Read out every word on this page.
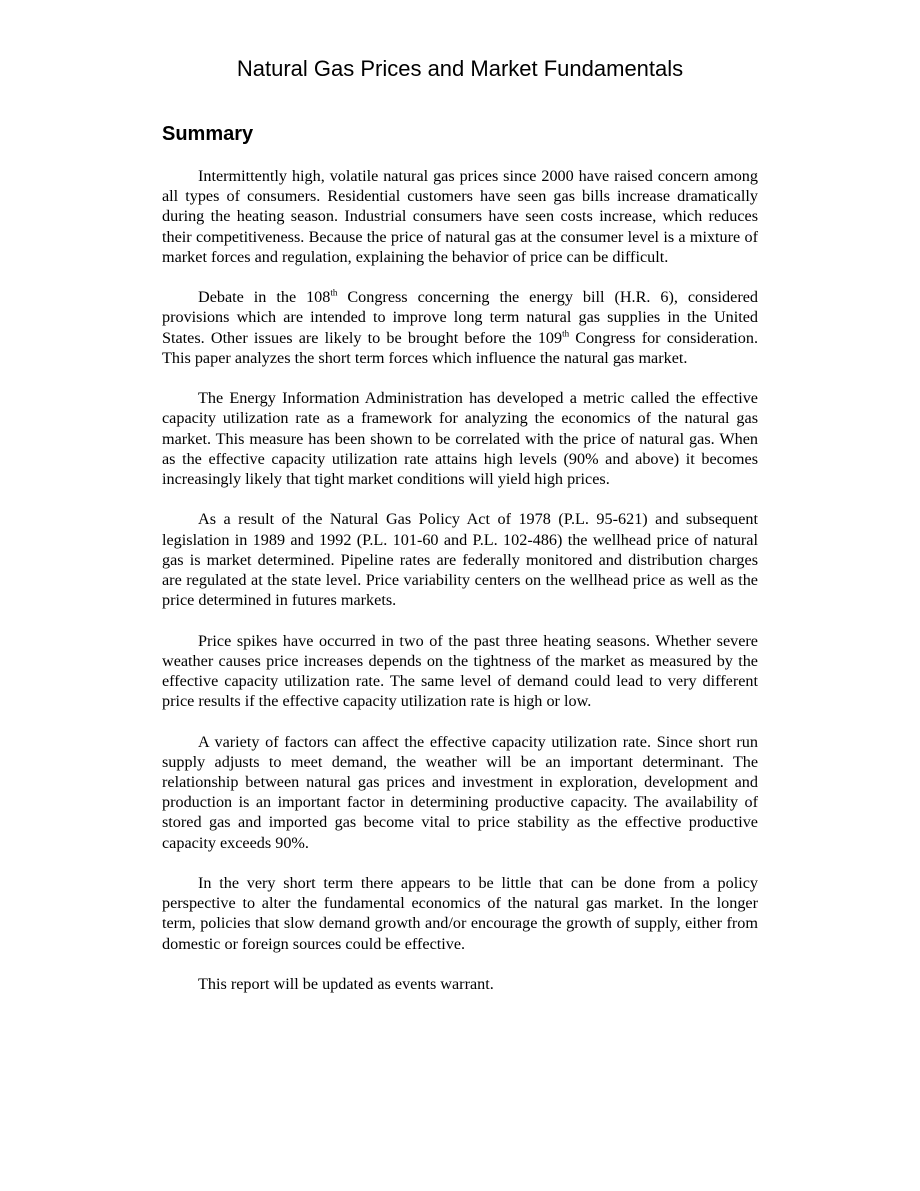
Natural Gas Prices and Market Fundamentals
Summary

Intermittently high, volatile natural gas prices since 2000 have raised concern among all types of consumers. Residential customers have seen gas bills increase dramatically during the heating season. Industrial consumers have seen costs increase, which reduces their competitiveness. Because the price of natural gas at the consumer level is a mixture of market forces and regulation, explaining the behavior of price can be difficult.

Debate in the 108th Congress concerning the energy bill (H.R. 6), considered provisions which are intended to improve long term natural gas supplies in the United States. Other issues are likely to be brought before the 109th Congress for consideration. This paper analyzes the short term forces which influence the natural gas market.

The Energy Information Administration has developed a metric called the effective capacity utilization rate as a framework for analyzing the economics of the natural gas market. This measure has been shown to be correlated with the price of natural gas. When as the effective capacity utilization rate attains high levels (90% and above) it becomes increasingly likely that tight market conditions will yield high prices.

As a result of the Natural Gas Policy Act of 1978 (P.L. 95-621) and subsequent legislation in 1989 and 1992 (P.L. 101-60 and P.L. 102-486) the wellhead price of natural gas is market determined. Pipeline rates are federally monitored and distribution charges are regulated at the state level. Price variability centers on the wellhead price as well as the price determined in futures markets.

Price spikes have occurred in two of the past three heating seasons. Whether severe weather causes price increases depends on the tightness of the market as measured by the effective capacity utilization rate. The same level of demand could lead to very different price results if the effective capacity utilization rate is high or low.

A variety of factors can affect the effective capacity utilization rate. Since short run supply adjusts to meet demand, the weather will be an important determinant. The relationship between natural gas prices and investment in exploration, development and production is an important factor in determining productive capacity. The availability of stored gas and imported gas become vital to price stability as the effective productive capacity exceeds 90%.

In the very short term there appears to be little that can be done from a policy perspective to alter the fundamental economics of the natural gas market. In the longer term, policies that slow demand growth and/or encourage the growth of supply, either from domestic or foreign sources could be effective.

This report will be updated as events warrant.
